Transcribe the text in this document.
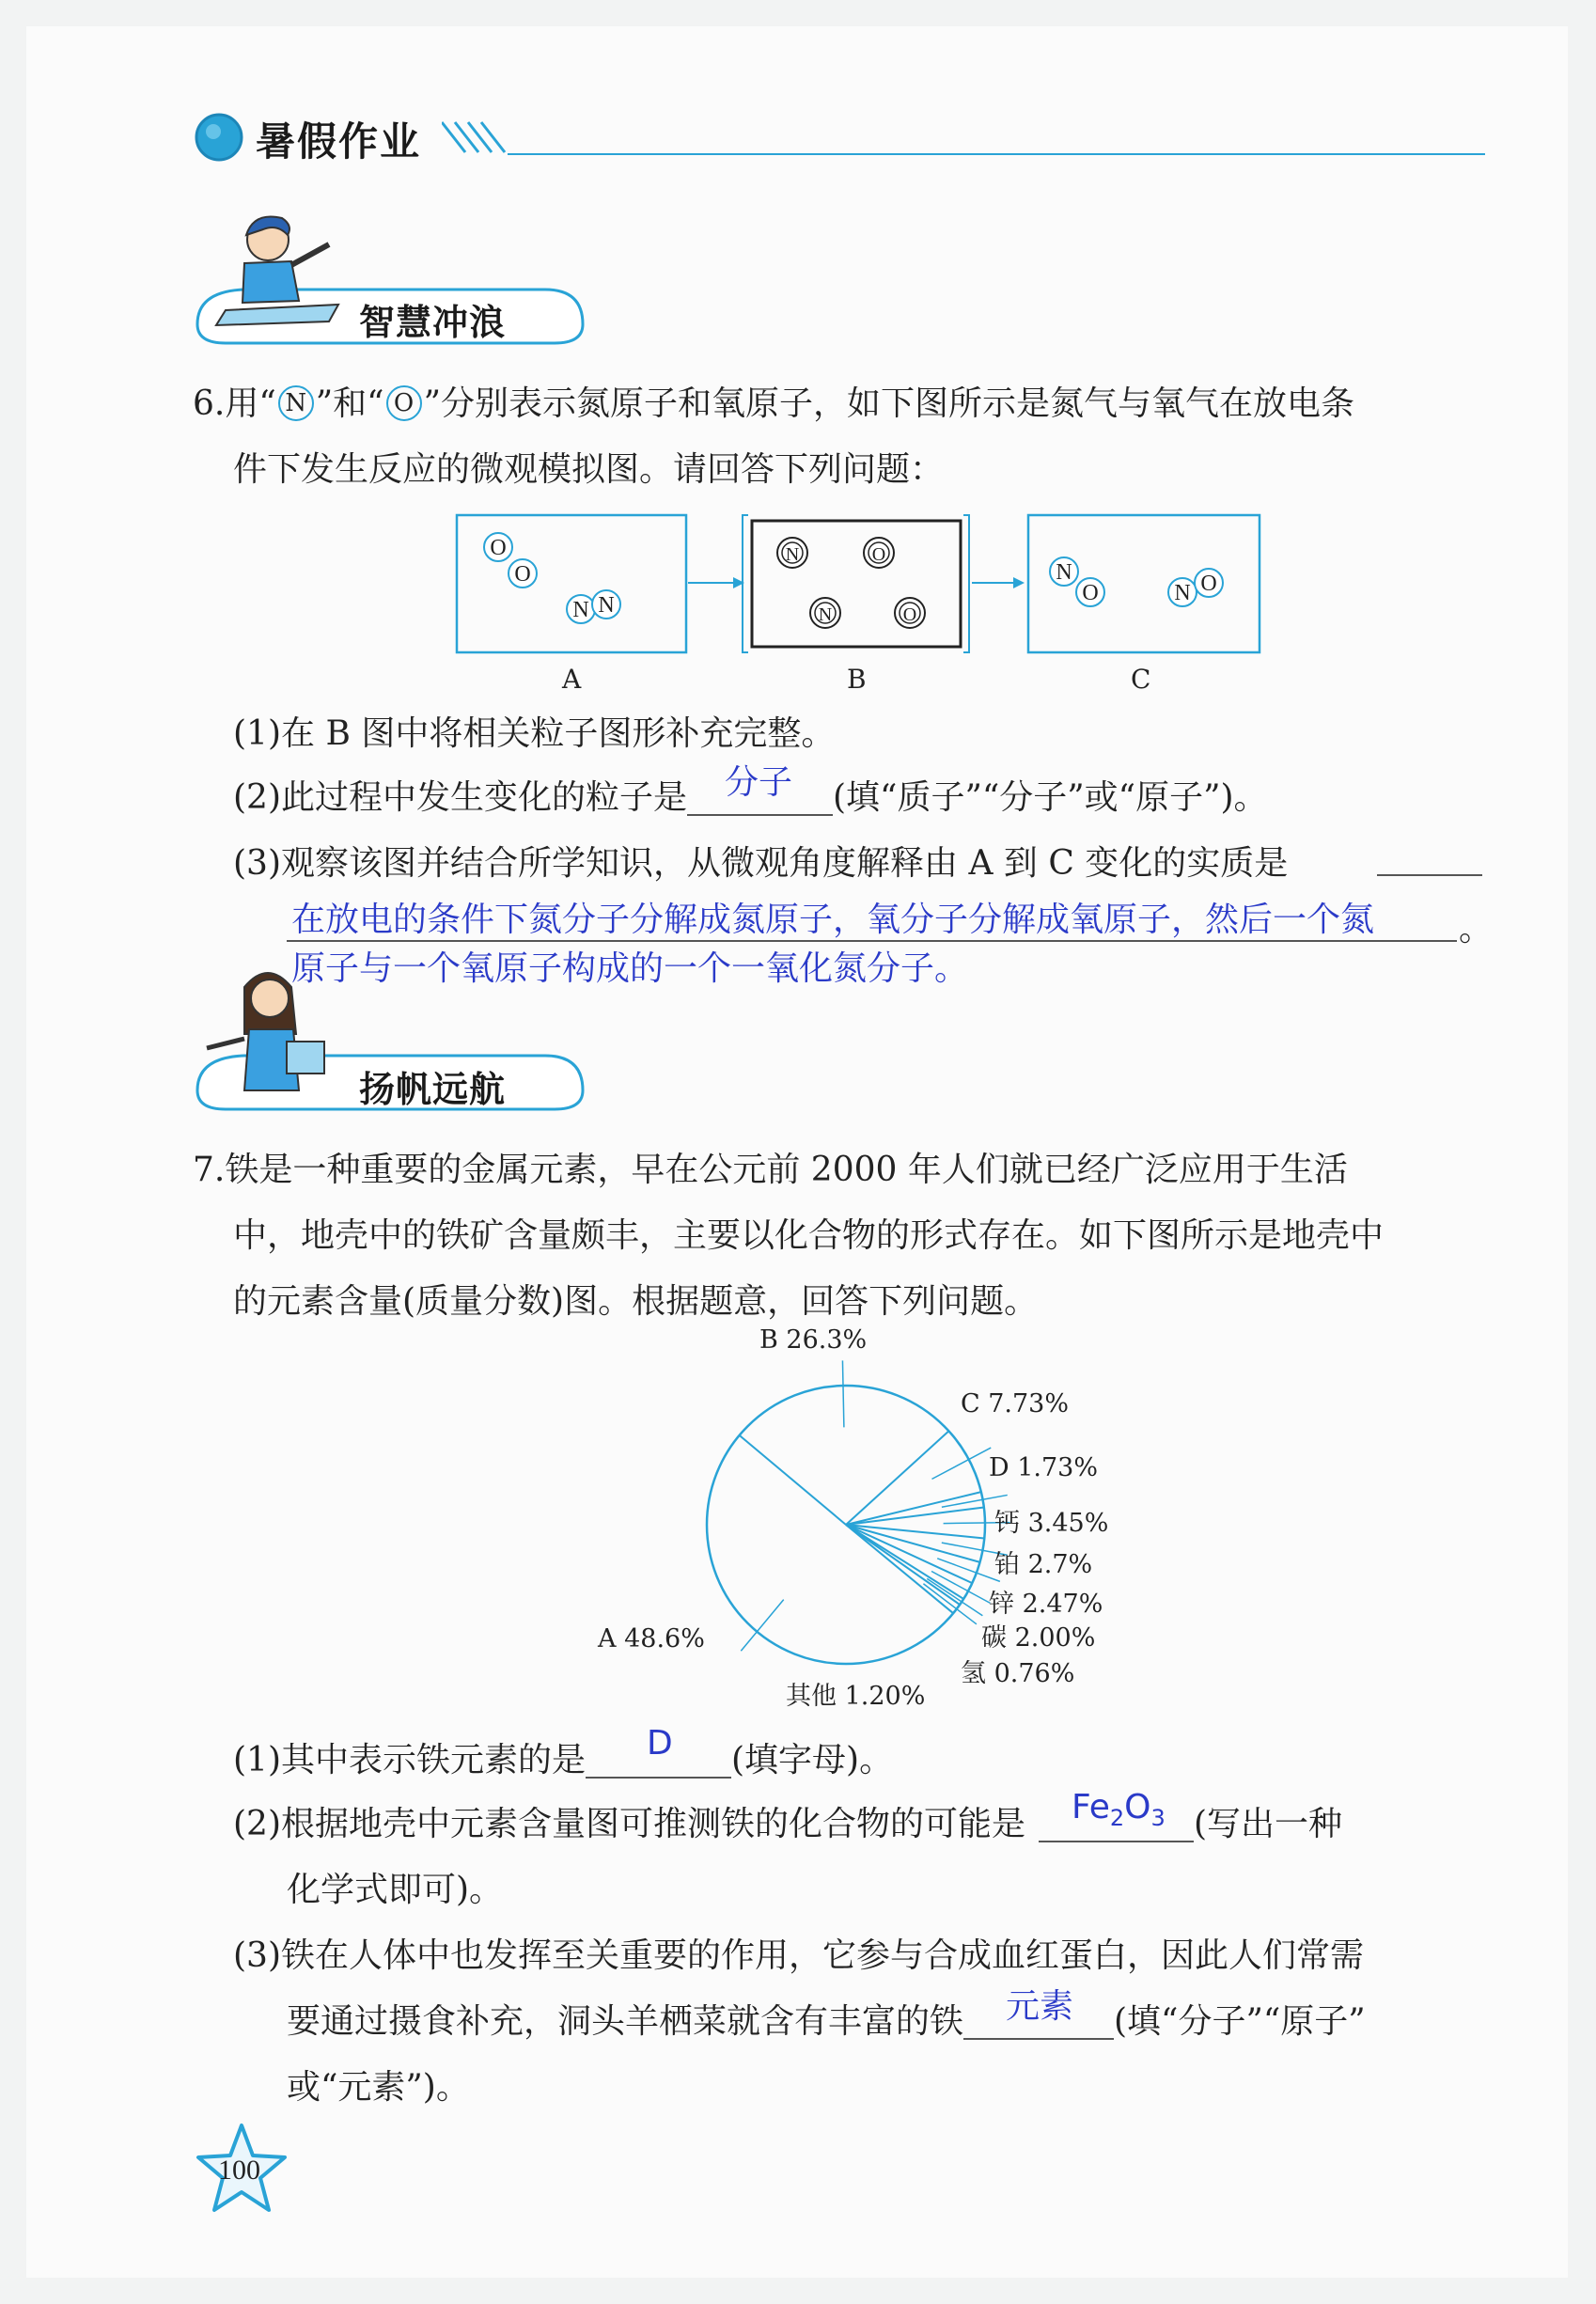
暑假作业
智慧冲浪
6.用“ N ”和“ O ”分别表示氮原子和氧原子，如下图所示是氮气与氧气在放电条
件下发生反应的微观模拟图。请回答下列问题：
O
O
N N
N	O
N	O
N
O	N O
A	B	C
(1)在 B 图中将相关粒子图形补充完整。
(2)此过程中发生变化的粒子是 分子 (填“质子”“分子”或“原子”)。
(3)观察该图并结合所学知识，从微观角度解释由 A 到 C 变化的实质是
在放电的条件下氮分子分解成氮原子，氧分子分解成氧原子，然后一个氮 。
原子与一个氧原子构成的一个一氧化氮分子。
扬帆远航
7.铁是一种重要的金属元素，早在公元前 2000 年人们就已经广泛应用于生活
中，地壳中的铁矿含量颇丰，主要以化合物的形式存在。如下图所示是地壳中
的元素含量(质量分数)图。根据题意，回答下列问题。
B 26.3%
C 7.73%
D 1.73%
钙 3.45%
铂 2.7%
锌 2.47%
碳 2.00%
氢 0.76%
其他 1.20%
A 48.6%
(1)其中表示铁元素的是 D (填字母)。
(2)根据地壳中元素含量图可推测铁的化合物的可能是 $Fe_2O_3$ (写出一种
化学式即可)。
(3)铁在人体中也发挥至关重要的作用，它参与合成血红蛋白，因此人们常需
要通过摄食补充，洞头羊栖菜就含有丰富的铁 元素 (填“分子”“原子”
或“元素”)。
100
